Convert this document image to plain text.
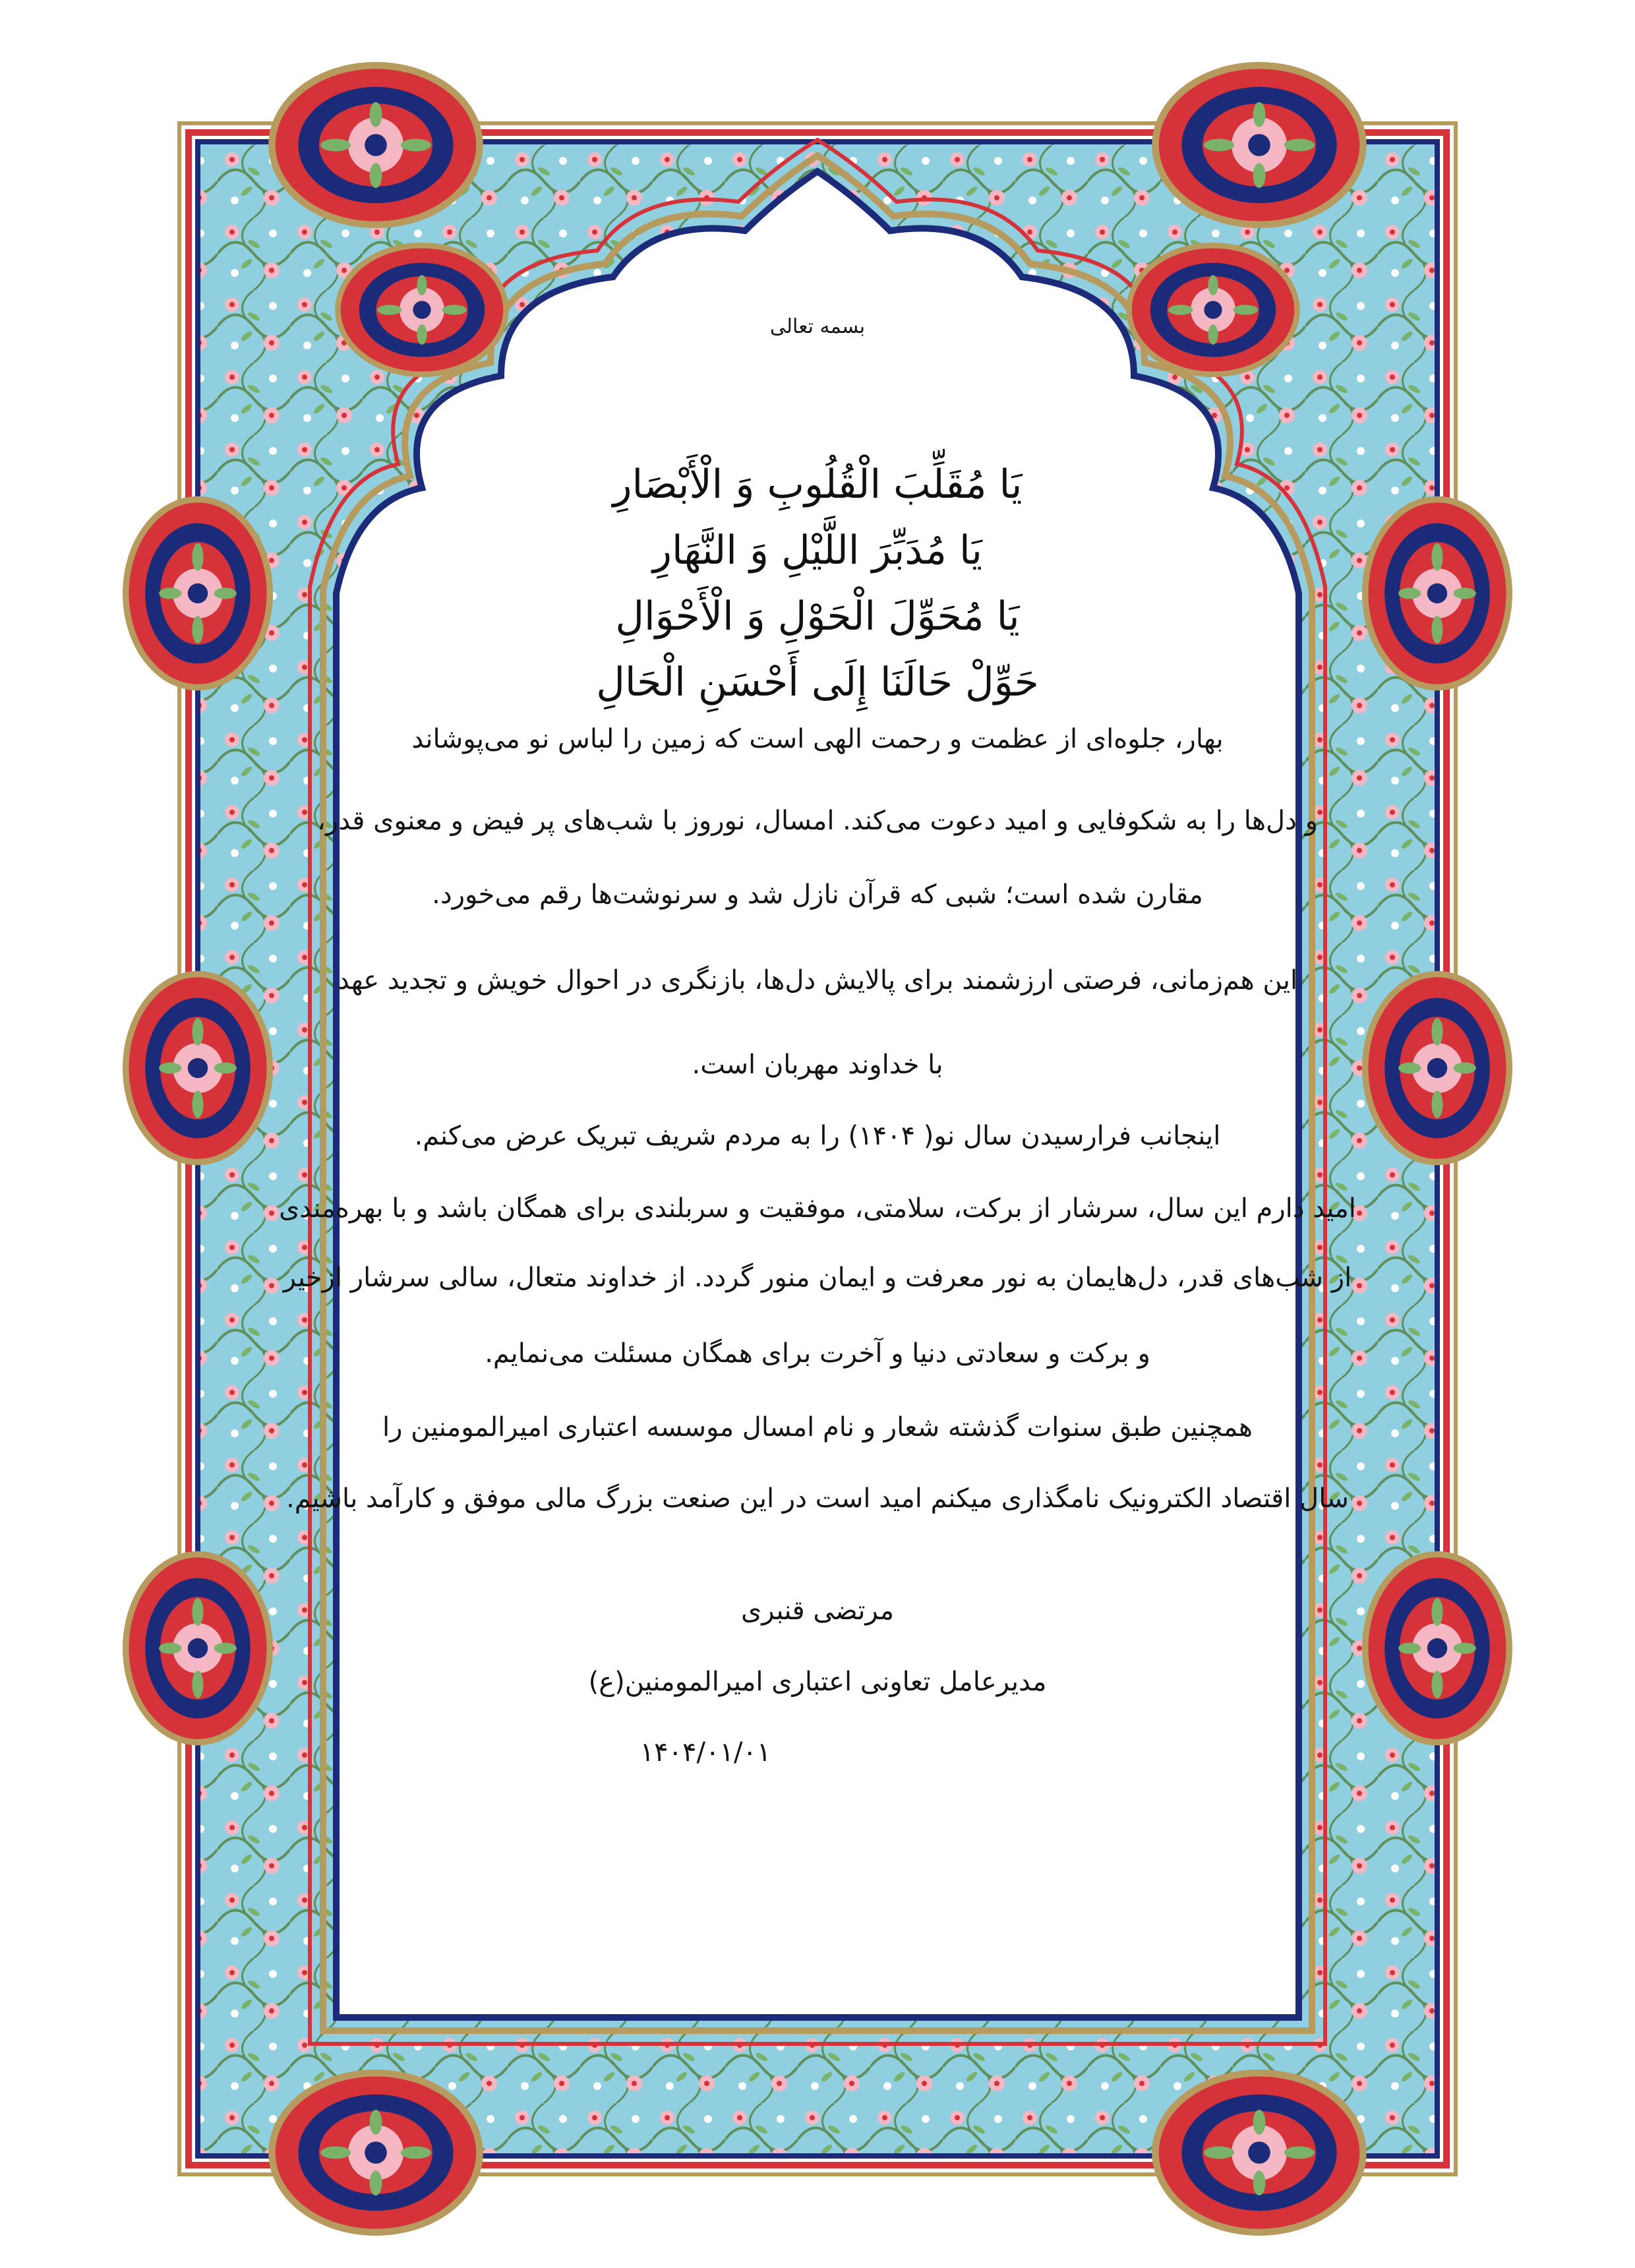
بسمه تعالی
يَا مُقَلِّبَ الْقُلُوبِ وَ الْأَبْصَارِ
يَا مُدَبِّرَ اللَّيْلِ وَ النَّهَارِ
يَا مُحَوِّلَ الْحَوْلِ وَ الْأَحْوَالِ
حَوِّلْ حَالَنَا إِلَى أَحْسَنِ الْحَالِ
بهار، جلوه‌ای از عظمت و رحمت الهی است که زمین را لباس نو می‌پوشاند
و دل‌ها را به شکوفایی و امید دعوت می‌کند. امسال، نوروز با شب‌های پر فیض و معنوی قدر،
مقارن شده است؛ شبی که قرآن نازل شد و سرنوشت‌ها رقم می‌خورد.
این هم‌زمانی، فرصتی ارزشمند برای پالایش دل‌ها، بازنگری در احوال خویش و تجدید عهد
با خداوند مهربان است.
اینجانب فرارسیدن سال نو( ۱۴۰۴) را به مردم شریف تبریک عرض می‌کنم.
امید دارم این سال، سرشار از برکت، سلامتی، موفقیت و سربلندی برای همگان باشد و با بهره‌مندی
از شب‌های قدر، دل‌هایمان به نور معرفت و ایمان منور گردد. از خداوند متعال، سالی سرشار ازخیر
و برکت و سعادتی دنیا و آخرت برای همگان مسئلت می‌نمایم.
همچنین طبق سنوات گذشته شعار و نام امسال موسسه اعتباری امیرالمومنین را
سال اقتصاد الکترونیک نامگذاری میکنم امید است در این صنعت بزرگ مالی موفق و کارآمد باشیم.
مرتضی قنبری
مدیرعامل تعاونی اعتباری امیرالمومنین(ع)
۱۴۰۴/۰۱/۰۱
